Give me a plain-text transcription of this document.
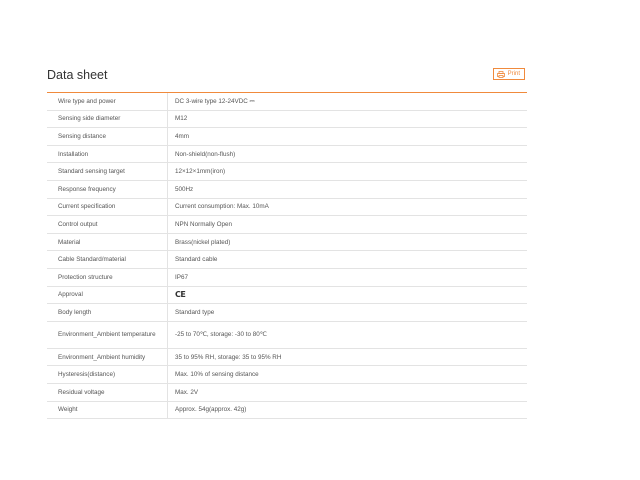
Data sheet	Print
Wire type and power	DC 3-wire type 12-24VDC ⎓
Sensing side diameter	M12
Sensing distance	4mm
Installation	Non-shield(non-flush)
Standard sensing target	12×12×1mm(iron)
Response frequency	500Hz
Current specification	Current consumption: Max. 10mA
Control output	NPN Normally Open
Material	Brass(nickel plated)
Cable Standard/material	Standard cable
Protection structure	IP67
Approval	CE
Body length	Standard type
Environment_Ambient temperature	-25 to 70℃, storage: -30 to 80℃
Environment_Ambient humidity	35 to 95% RH, storage: 35 to 95% RH
Hysteresis(distance)	Max. 10% of sensing distance
Residual voltage	Max. 2V
Weight	Approx. 54g(approx. 42g)
